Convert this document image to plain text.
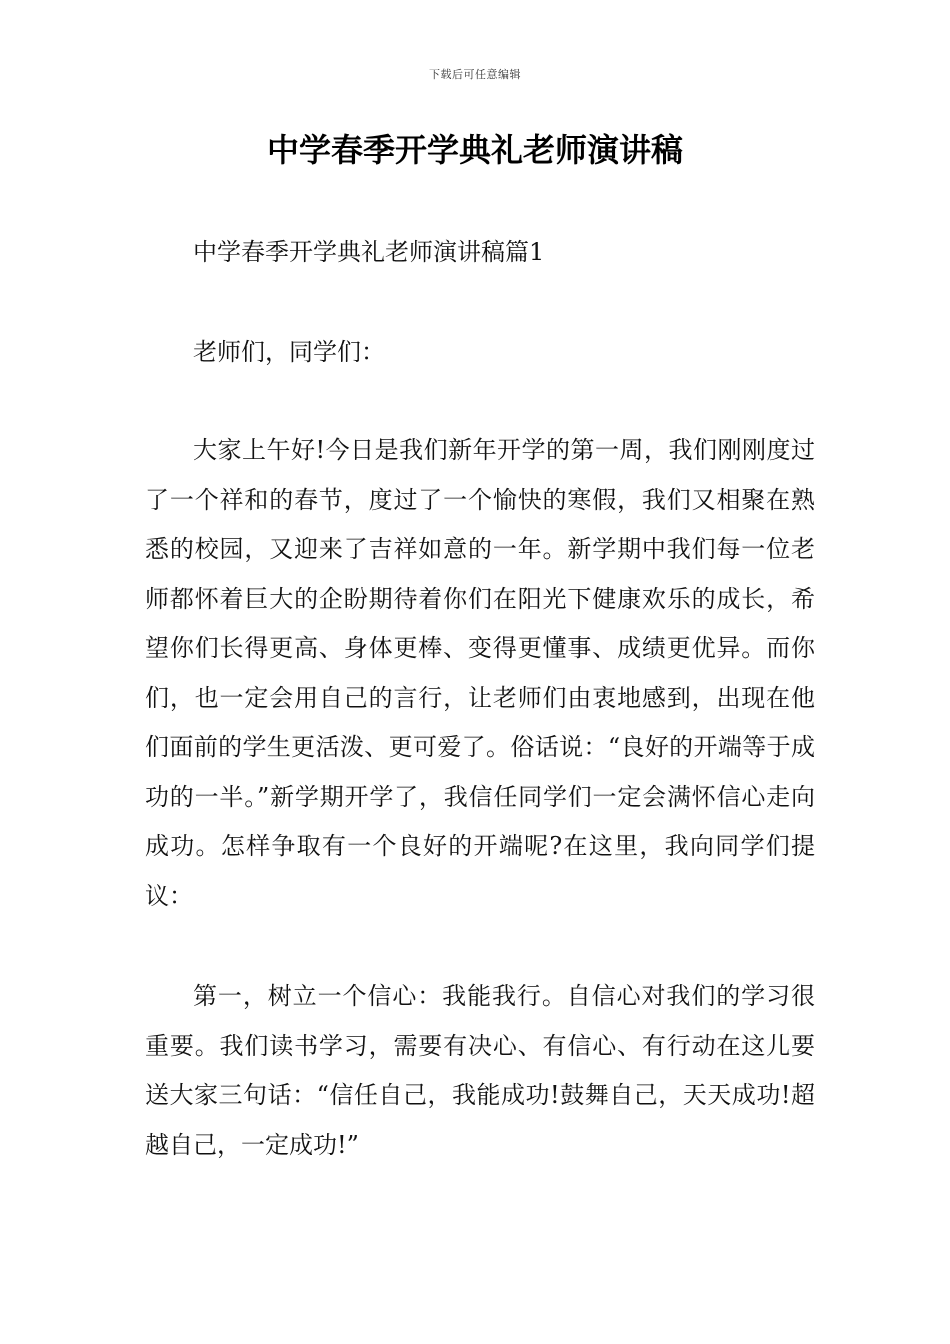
下载后可任意编辑
中学春季开学典礼老师演讲稿

中学春季开学典礼老师演讲稿篇1

老师们，同学们：

大家上午好!今日是我们新年开学的第一周，我们刚刚度过了一个祥和的春节，度过了一个愉快的寒假，我们又相聚在熟悉的校园，又迎来了吉祥如意的一年。新学期中我们每一位老师都怀着巨大的企盼期待着你们在阳光下健康欢乐的成长，希望你们长得更高、身体更棒、变得更懂事、成绩更优异。而你们，也一定会用自己的言行，让老师们由衷地感到，出现在他们面前的学生更活泼、更可爱了。俗话说：“良好的开端等于成功的一半。”新学期开学了，我信任同学们一定会满怀信心走向成功。怎样争取有一个良好的开端呢?在这里，我向同学们提议：

第一，树立一个信心：我能我行。自信心对我们的学习很重要。我们读书学习，需要有决心、有信心、有行动在这儿要送大家三句话：“信任自己，我能成功!鼓舞自己，天天成功!超越自己，一定成功!”
